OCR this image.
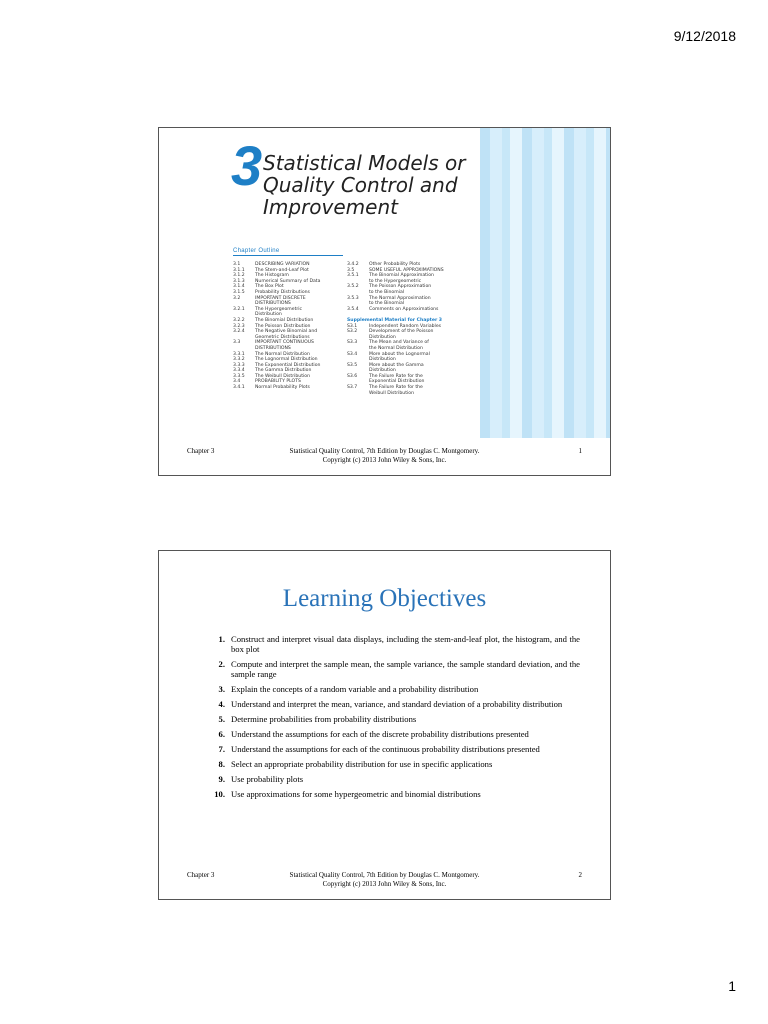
9/12/2018
3 Statistical Models or
Quality Control and
Improvement
Chapter Outline
3.1	DESCRIBING VARIATION
3.1.1	The Stem-and-Leaf Plot
3.1.2	The Histogram
3.1.3	Numerical Summary of Data
3.1.4	The Box Plot
3.1.5	Probability Distributions
3.2	IMPORTANT DISCRETE
DISTRIBUTIONS
3.2.1	The Hypergeometric
Distribution
3.2.2	The Binomial Distribution
3.2.3	The Poisson Distribution
3.2.4	The Negative Binomial and
Geometric Distributions
3.3	IMPORTANT CONTINUOUS
DISTRIBUTIONS
3.3.1	The Normal Distribution
3.3.2	The Lognormal Distribution
3.3.3	The Exponential Distribution
3.3.4	The Gamma Distribution
3.3.5	The Weibull Distribution
3.4	PROBABILITY PLOTS
3.4.1	Normal Probability Plots
3.4.2	Other Probability Plots
3.5	SOME USEFUL APPROXIMATIONS
3.5.1	The Binomial Approximation
to the Hypergeometric
3.5.2	The Poisson Approximation
to the Binomial
3.5.3	The Normal Approximation
to the Binomial
3.5.4	Comments on Approximations

Supplemental Material for Chapter 3
S3.1	Independent Random Variables
S3.2	Development of the Poisson
Distribution
S3.3	The Mean and Variance of
the Normal Distribution
S3.4	More about the Lognormal
Distribution
S3.5	More about the Gamma
Distribution
S3.6	The Failure Rate for the
Exponential Distribution
S3.7	The Failure Rate for the
Weibull Distribution
Chapter 3	Statistical Quality Control, 7th Edition by Douglas C. Montgomery.
Copyright (c) 2013 John Wiley & Sons, Inc.
1
Learning Objectives
1. Construct and interpret visual data displays, including the stem-and-leaf plot, the histogram, and the box plot
2. Compute and interpret the sample mean, the sample variance, the sample standard deviation, and the sample range
3. Explain the concepts of a random variable and a probability distribution
4. Understand and interpret the mean, variance, and standard deviation of a probability distribution
5. Determine probabilities from probability distributions
6. Understand the assumptions for each of the discrete probability distributions presented
7. Understand the assumptions for each of the continuous probability distributions presented
8. Select an appropriate probability distribution for use in specific applications
9. Use probability plots
10. Use approximations for some hypergeometric and binomial distributions
Chapter 3	Statistical Quality Control, 7th Edition by Douglas C. Montgomery.
Copyright (c) 2013 John Wiley & Sons, Inc.
2
1
